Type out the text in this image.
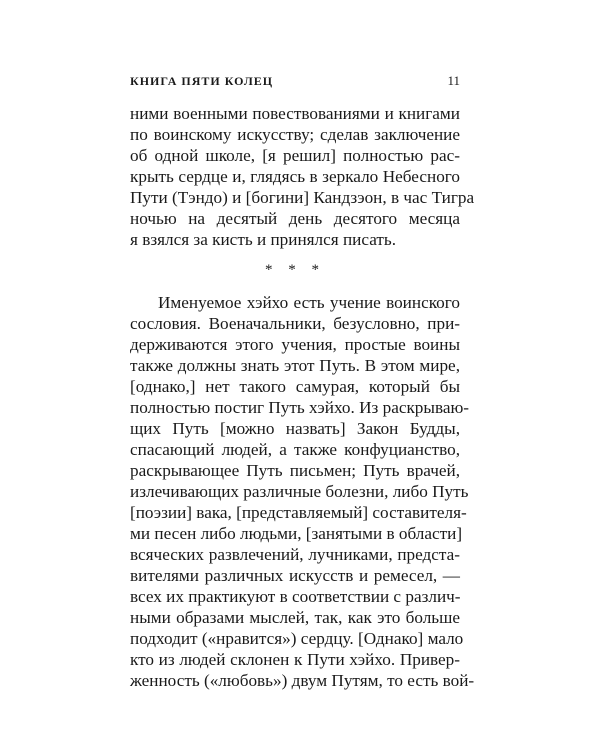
КНИГА ПЯТИ КОЛЕЦ	11
ними военными повествованиями и книгами
по воинскому искусству; сделав заключение
об одной школе, [я решил] полностью рас-
крыть сердце и, глядясь в зеркало Небесного
Пути (Тэндо) и [богини] Кандзэон, в час Тигра
ночью на десятый день десятого месяца
я взялся за кисть и принялся писать.
* * *
Именуемое хэйхо есть учение воинского
сословия. Военачальники, безусловно, при-
держиваются этого учения, простые воины
также должны знать этот Путь. В этом мире,
[однако,] нет такого самурая, который бы
полностью постиг Путь хэйхо. Из раскрываю-
щих Путь [можно назвать] Закон Будды,
спасающий людей, а также конфуцианство,
раскрывающее Путь письмен; Путь врачей,
излечивающих различные болезни, либо Путь
[поэзии] вака, [представляемый] составителя-
ми песен либо людьми, [занятыми в области]
всяческих развлечений, лучниками, предста-
вителями различных искусств и ремесел, —
всех их практикуют в соответствии с различ-
ными образами мыслей, так, как это больше
подходит («нравится») сердцу. [Однако] мало
кто из людей склонен к Пути хэйхо. Привер-
женность («любовь») двум Путям, то есть вой-
